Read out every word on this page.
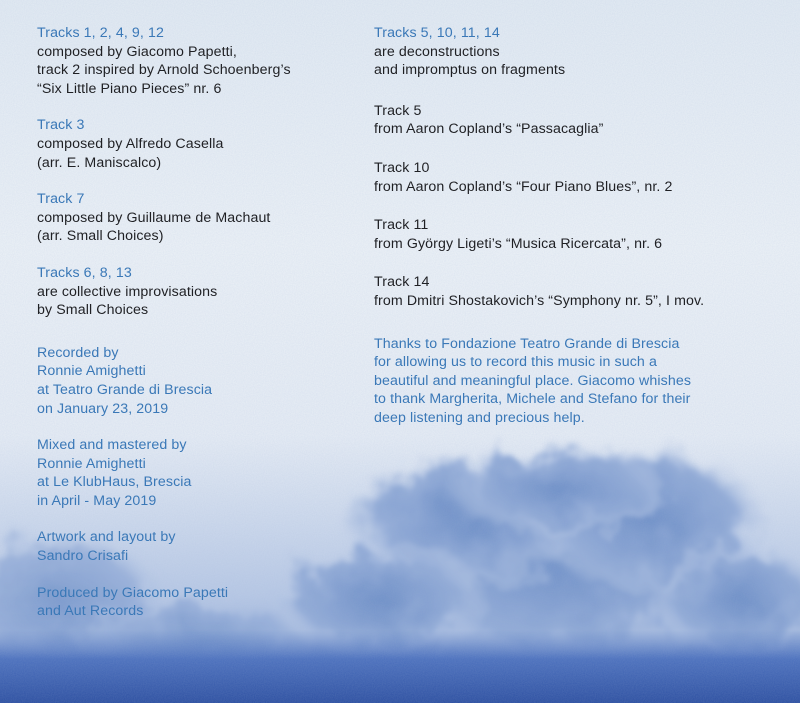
Tracks 1, 2, 4, 9, 12
composed by Giacomo Papetti,
track 2 inspired by Arnold Schoenberg’s
“Six Little Piano Pieces” nr. 6
Track 3
composed by Alfredo Casella
(arr. E. Maniscalco)
Track 7
composed by Guillaume de Machaut
(arr. Small Choices)
Tracks 6, 8, 13
are collective improvisations
by Small Choices
Recorded by
Ronnie Amighetti
at Teatro Grande di Brescia
on January 23, 2019
Mixed and mastered by
Ronnie Amighetti
at Le KlubHaus, Brescia
in April - May 2019
Artwork and layout by
Sandro Crisafi
Produced by Giacomo Papetti
and Aut Records
Tracks 5, 10, 11, 14
are deconstructions
and impromptus on fragments
Track 5
from Aaron Copland’s “Passacaglia”
Track 10
from Aaron Copland’s “Four Piano Blues”, nr. 2
Track 11
from György Ligeti’s “Musica Ricercata”, nr. 6
Track 14
from Dmitri Shostakovich’s “Symphony nr. 5”, I mov.
Thanks to Fondazione Teatro Grande di Brescia
for allowing us to record this music in such a
beautiful and meaningful place. Giacomo whishes
to thank Margherita, Michele and Stefano for their
deep listening and precious help.
